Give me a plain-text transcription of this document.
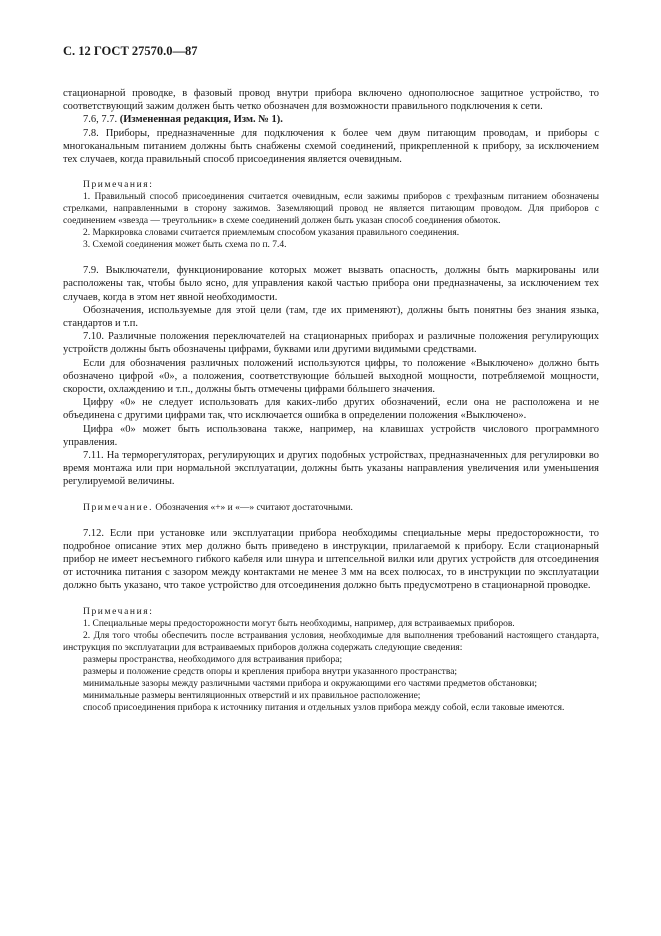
С. 12 ГОСТ 27570.0—87

стационарной проводке, в фазовый провод внутри прибора включено однополюсное защитное устройство, то соответствующий зажим должен быть четко обозначен для возможности правильного подключения к сети.

7.6, 7.7. (Измененная редакция, Изм. № 1).

7.8. Приборы, предназначенные для подключения к более чем двум питающим проводам, и приборы с многоканальным питанием должны быть снабжены схемой соединений, прикрепленной к прибору, за исключением тех случаев, когда правильный способ присоединения является очевидным.

Примечания:

1. Правильный способ присоединения считается очевидным, если зажимы приборов с трехфазным питанием обозначены стрелками, направленными в сторону зажимов. Заземляющий провод не является питающим проводом. Для приборов с соединением «звезда — треугольник» в схеме соединений должен быть указан способ соединения обмоток.

2. Маркировка словами считается приемлемым способом указания правильного соединения.

3. Схемой соединения может быть схема по п. 7.4.

7.9. Выключатели, функционирование которых может вызвать опасность, должны быть маркированы или расположены так, чтобы было ясно, для управления какой частью прибора они предназначены, за исключением тех случаев, когда в этом нет явной необходимости.

Обозначения, используемые для этой цели (там, где их применяют), должны быть понятны без знания языка, стандартов и т.п.

7.10. Различные положения переключателей на стационарных приборах и различные положения регулирующих устройств должны быть обозначены цифрами, буквами или другими видимыми средствами.

Если для обозначения различных положений используются цифры, то положение «Выключено» должно быть обозначено цифрой «0», а положения, соответствующие бóльшей выходной мощности, потребляемой мощности, скорости, охлаждению и т.п., должны быть отмечены цифрами бóльшего значения.

Цифру «0» не следует использовать для каких-либо других обозначений, если она не расположена и не объединена с другими цифрами так, что исключается ошибка в определении положения «Выключено».

Цифра «0» может быть использована также, например, на клавишах устройств числового программного управления.

7.11. На терморегуляторах, регулирующих и других подобных устройствах, предназначенных для регулировки во время монтажа или при нормальной эксплуатации, должны быть указаны направления увеличения или уменьшения регулируемой величины.

Примечание. Обозначения «+» и «—» считают достаточными.

7.12. Если при установке или эксплуатации прибора необходимы специальные меры предосторожности, то подробное описание этих мер должно быть приведено в инструкции, прилагаемой к прибору. Если стационарный прибор не имеет несъемного гибкого кабеля или шнура и штепсельной вилки или других устройств для отсоединения от источника питания с зазором между контактами не менее 3 мм на всех полюсах, то в инструкции по эксплуатации должно быть указано, что такое устройство для отсоединения должно быть предусмотрено в стационарной проводке.

Примечания:

1. Специальные меры предосторожности могут быть необходимы, например, для встраиваемых приборов.

2. Для того чтобы обеспечить после встраивания условия, необходимые для выполнения требований настоящего стандарта, инструкция по эксплуатации для встраиваемых приборов должна содержать следующие сведения:

размеры пространства, необходимого для встраивания прибора;

размеры и положение средств опоры и крепления прибора внутри указанного пространства;

минимальные зазоры между различными частями прибора и окружающими его частями предметов обстановки;

минимальные размеры вентиляционных отверстий и их правильное расположение;

способ присоединения прибора к источнику питания и отдельных узлов прибора между собой, если таковые имеются.
